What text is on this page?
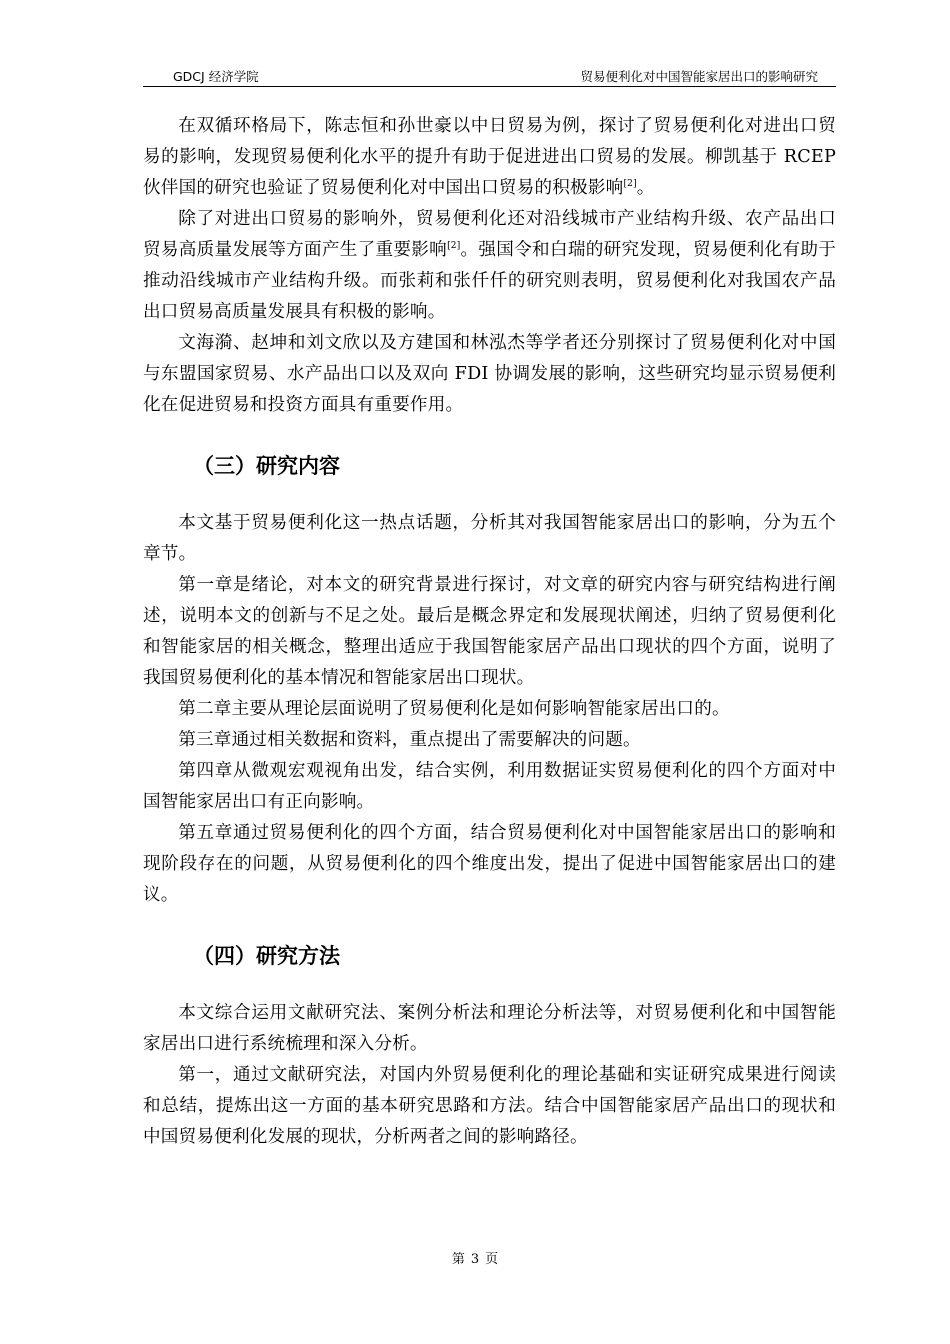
GDCJ 经济学院	贸易便利化对中国智能家居出口的影响研究

在双循环格局下，陈志恒和孙世豪以中日贸易为例，探讨了贸易便利化对进出口贸易的影响，发现贸易便利化水平的提升有助于促进进出口贸易的发展。柳凯基于 RCEP 伙伴国的研究也验证了贸易便利化对中国出口贸易的积极影响[2]。

除了对进出口贸易的影响外，贸易便利化还对沿线城市产业结构升级、农产品出口贸易高质量发展等方面产生了重要影响[2]。强国令和白瑞的研究发现，贸易便利化有助于推动沿线城市产业结构升级。而张莉和张仟仟的研究则表明，贸易便利化对我国农产品出口贸易高质量发展具有积极的影响。

文海漪、赵坤和刘文欣以及方建国和林泓杰等学者还分别探讨了贸易便利化对中国与东盟国家贸易、水产品出口以及双向 FDI 协调发展的影响，这些研究均显示贸易便利化在促进贸易和投资方面具有重要作用。

（三）研究内容

本文基于贸易便利化这一热点话题，分析其对我国智能家居出口的影响，分为五个章节。

第一章是绪论，对本文的研究背景进行探讨，对文章的研究内容与研究结构进行阐述，说明本文的创新与不足之处。最后是概念界定和发展现状阐述，归纳了贸易便利化和智能家居的相关概念，整理出适应于我国智能家居产品出口现状的四个方面，说明了我国贸易便利化的基本情况和智能家居出口现状。

第二章主要从理论层面说明了贸易便利化是如何影响智能家居出口的。

第三章通过相关数据和资料，重点提出了需要解决的问题。

第四章从微观宏观视角出发，结合实例，利用数据证实贸易便利化的四个方面对中国智能家居出口有正向影响。

第五章通过贸易便利化的四个方面，结合贸易便利化对中国智能家居出口的影响和现阶段存在的问题，从贸易便利化的四个维度出发，提出了促进中国智能家居出口的建议。

（四）研究方法

本文综合运用文献研究法、案例分析法和理论分析法等，对贸易便利化和中国智能家居出口进行系统梳理和深入分析。

第一，通过文献研究法，对国内外贸易便利化的理论基础和实证研究成果进行阅读和总结，提炼出这一方面的基本研究思路和方法。结合中国智能家居产品出口的现状和中国贸易便利化发展的现状，分析两者之间的影响路径。

第 3 页
